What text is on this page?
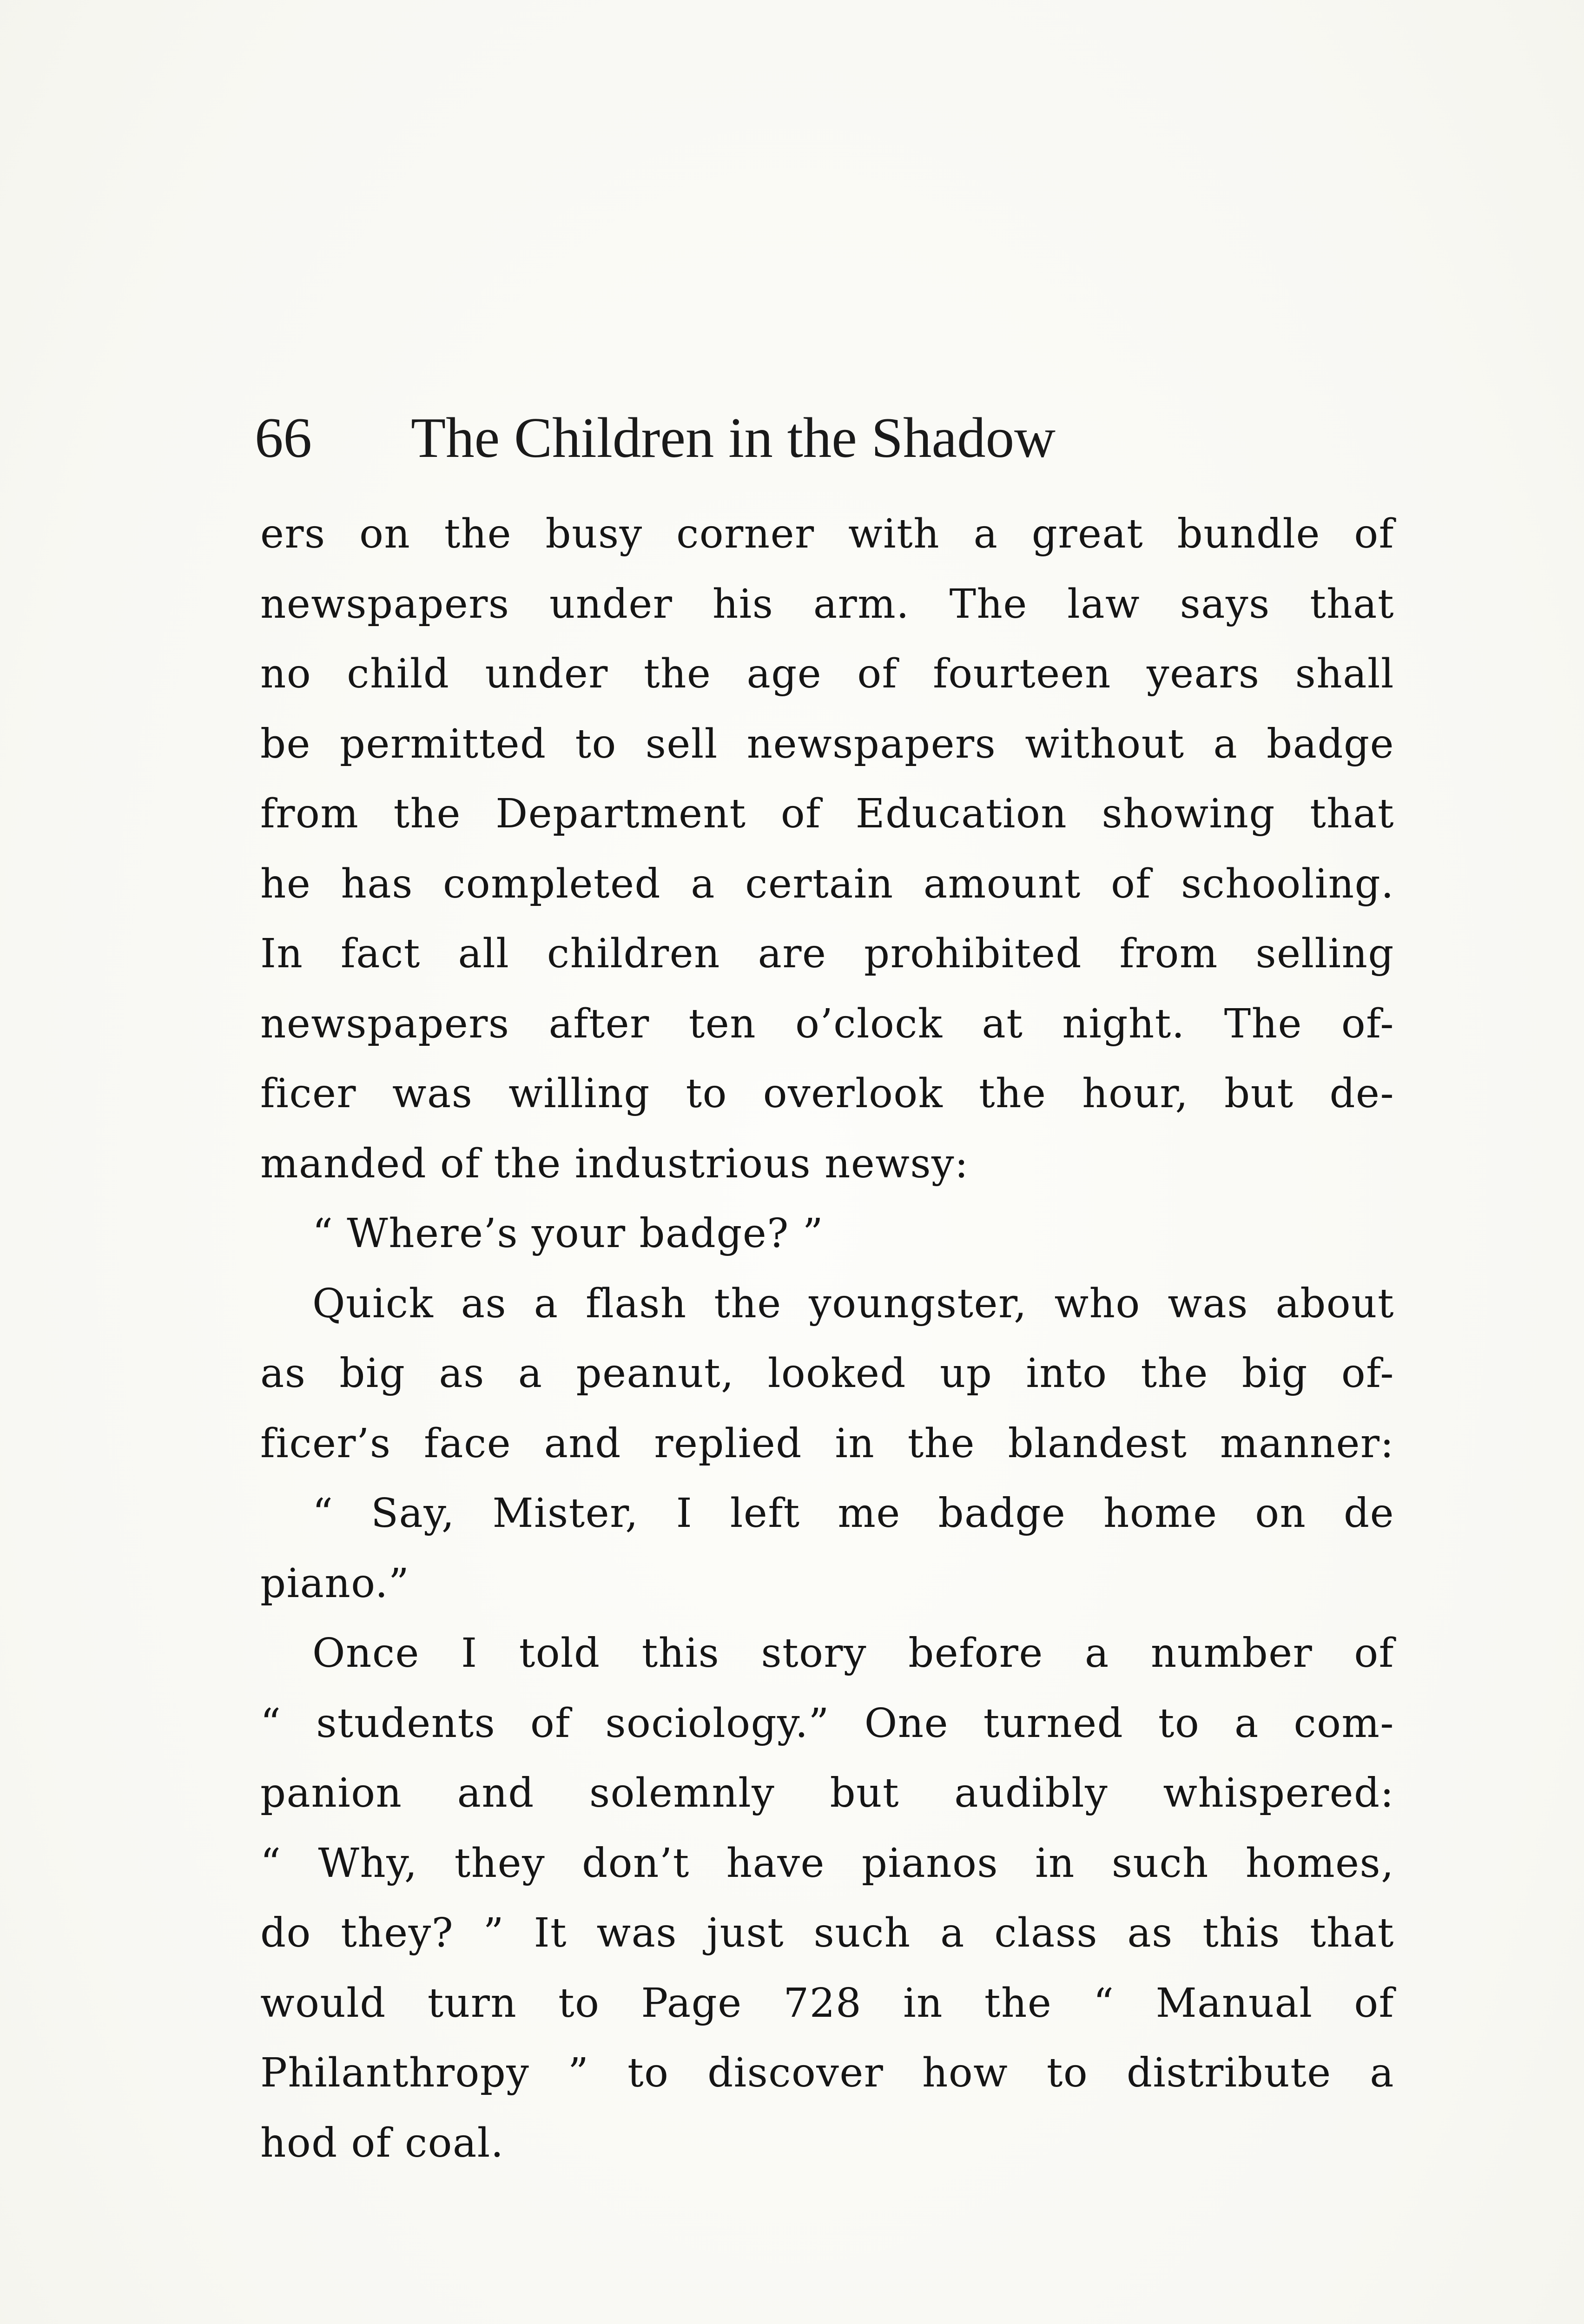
66 The Children in the Shadow
ers on the busy corner with a great bundle of
newspapers under his arm. The law says that
no child under the age of fourteen years shall
be permitted to sell newspapers without a badge
from the Department of Education showing that
he has completed a certain amount of schooling.
In fact all children are prohibited from selling
newspapers after ten o’clock at night. The of-
ficer was willing to overlook the hour, but de-
manded of the industrious newsy:
“ Where’s your badge? ”
Quick as a flash the youngster, who was about
as big as a peanut, looked up into the big of-
ficer’s face and replied in the blandest manner:
“ Say, Mister, I left me badge home on de
piano.”
Once I told this story before a number of
“ students of sociology.” One turned to a com-
panion and solemnly but audibly whispered:
“ Why, they don’t have pianos in such homes,
do they? ” It was just such a class as this that
would turn to Page 728 in the “ Manual of
Philanthropy ” to discover how to distribute a
hod of coal.
